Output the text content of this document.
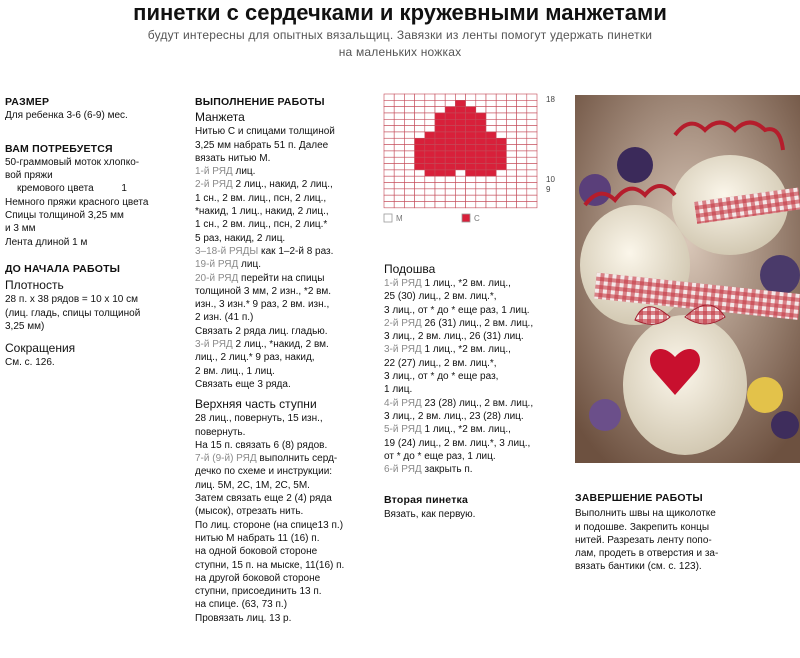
пинетки с сердечками и кружевными манжетами
будут интересны для опытных вязальщиц. Завязки из ленты помогут удержать пинетки
на маленьких ножках
РАЗМЕР
Для ребенка 3-6 (6-9) мес.
ВАМ ПОТРЕБУЕТСЯ
50-граммовый моток хлопко-
вой пряжи
кремового цвета          1
Немного пряжи красного цвета
Спицы толщиной 3,25 мм
и 3 мм
Лента длиной 1 м
ДО НАЧАЛА РАБОТЫ
Плотность
28 п. х 38 рядов = 10 х 10 см
(лиц. гладь, спицы толщиной
3,25 мм)
Сокращения
См. с. 126.
ВЫПОЛНЕНИЕ РАБОТЫ
Манжета
Нитью С и спицами толщиной
3,25 мм набрать 51 п. Далее
вязать нитью М.
1-й РЯД лиц.
2-й РЯД 2 лиц., накид, 2 лиц.,
1 сн., 2 вм. лиц., псн, 2 лиц.,
*накид, 1 лиц., накид, 2 лиц.,
1 сн., 2 вм. лиц., псн, 2 лиц.*
5 раз, накид, 2 лиц.
3–18-й РЯДЫ как 1–2-й 8 раз.
19-й РЯД лиц.
20-й РЯД перейти на спицы
толщиной 3 мм, 2 изн., *2 вм.
изн., 3 изн.* 9 раз, 2 вм. изн.,
2 изн. (41 п.)
Связать 2 ряда лиц. гладью.
3-й РЯД 2 лиц., *накид, 2 вм.
лиц., 2 лиц.* 9 раз, накид,
2 вм. лиц., 1 лиц.
Связать еще 3 ряда.
Верхняя часть ступни
28 лиц., повернуть, 15 изн.,
повернуть.
На 15 п. связать 6 (8) рядов.
7-й (9-й) РЯД выполнить серд-
дечко по схеме и инструкции:
лиц. 5М, 2С, 1М, 2С, 5М.
Затем связать еще 2 (4) ряда
(мысок), отрезать нить.
По лиц. стороне (на спице13 п.)
нитью М набрать 11 (16) п.
на одной боковой стороне
ступни, 15 п. на мыске, 11(16) п.
на другой боковой стороне
ступни, присоединить 13 п.
на спице. (63, 73 п.)
Провязать лиц. 13 р.
18
10
9
М	С
Подошва
1-й РЯД 1 лиц., *2 вм. лиц.,
25 (30) лиц., 2 вм. лиц.*,
3 лиц., от * до * еще раз, 1 лиц.
2-й РЯД 26 (31) лиц., 2 вм. лиц.,
3 лиц., 2 вм. лиц., 26 (31) лиц.
3-й РЯД 1 лиц., *2 вм. лиц.,
22 (27) лиц., 2 вм. лиц.*,
3 лиц., от * до * еще раз,
1 лиц.
4-й РЯД 23 (28) лиц., 2 вм. лиц.,
3 лиц., 2 вм. лиц., 23 (28) лиц.
5-й РЯД 1 лиц., *2 вм. лиц.,
19 (24) лиц., 2 вм. лиц.*, 3 лиц.,
от * до * еще раз, 1 лиц.
6-й РЯД закрыть п.
Вторая пинетка
Вязать, как первую.
ЗАВЕРШЕНИЕ РАБОТЫ
Выполнить швы на щиколотке
и подошве. Закрепить концы
нитей. Разрезать ленту попо-
лам, продеть в отверстия и за-
вязать бантики (см. с. 123).
